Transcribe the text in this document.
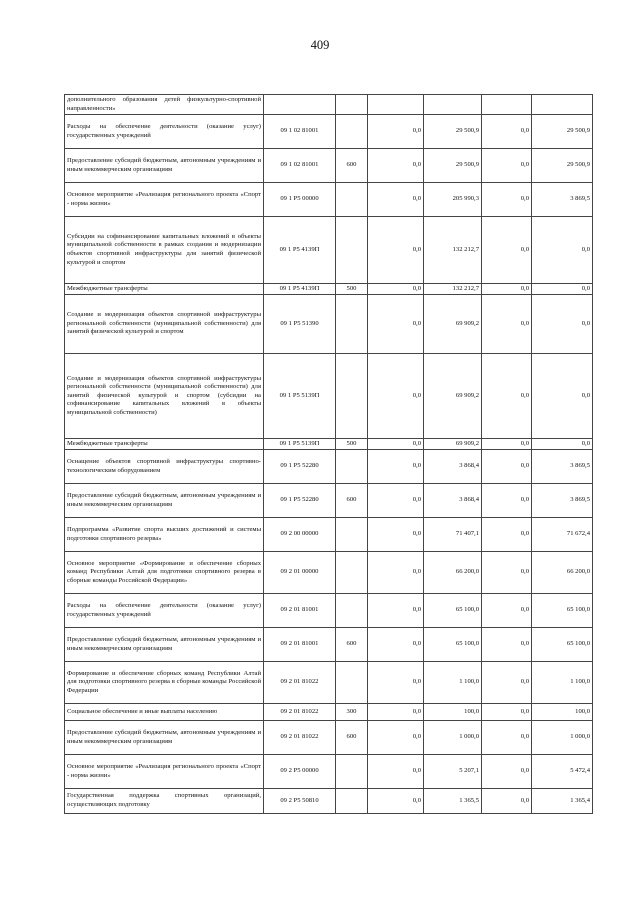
409
дополнительного образования детей физкультурно-спортивной направленности»						
Расходы на обеспечение деятельности (оказание услуг) государственных учреждений	09 1 02 81001		0,0	29 500,9	0,0	29 500,9
Предоставление субсидий бюджетным, автономным учреждениям и иным некоммерческим организациям	09 1 02 81001	600	0,0	29 500,9	0,0	29 500,9
Основное мероприятие «Реализация регионального проекта «Спорт - норма жизни»	09 1 P5 00000		0,0	205 990,3	0,0	3 869,5
Субсидии на софинансирование капитальных вложений в объекты муниципальной собственности в рамках создания и модернизации объектов спортивной инфраструктуры для занятий физической культурой и спортом	09 1 P5 4139П		0,0	132 212,7	0,0	0,0
Межбюджетные трансферты	09 1 P5 4139П	500	0,0	132 212,7	0,0	0,0
Создание и модернизация объектов спортивной инфраструктуры региональной собственности (муниципальной собственности) для занятий физической культурой и спортом	09 1 P5 51390		0,0	69 909,2	0,0	0,0
Создание и модернизация объектов спортивной инфраструктуры региональной собственности (муниципальной собственности) для занятий физической культурой и спортом (субсидии на софинансирование капитальных вложений в объекты муниципальной собственности)	09 1 P5 5139П		0,0	69 909,2	0,0	0,0
Межбюджетные трансферты	09 1 P5 5139П	500	0,0	69 909,2	0,0	0,0
Оснащение объектов спортивной инфраструктуры спортивно-технологическим оборудованием	09 1 P5 52280		0,0	3 868,4	0,0	3 869,5
Предоставление субсидий бюджетным, автономным учреждениям и иным некоммерческим организациям	09 1 P5 52280	600	0,0	3 868,4	0,0	3 869,5
Подпрограмма «Развитие спорта высших достижений и системы подготовки спортивного резерва»	09 2 00 00000		0,0	71 407,1	0,0	71 672,4
Основное мероприятие «Формирование и обеспечение сборных команд Республики Алтай для подготовки спортивного резерва в сборные команды Российской Федерации»	09 2 01 00000		0,0	66 200,0	0,0	66 200,0
Расходы на обеспечение деятельности (оказание услуг) государственных учреждений	09 2 01 81001		0,0	65 100,0	0,0	65 100,0
Предоставление субсидий бюджетным, автономным учреждениям и иным некоммерческим организациям	09 2 01 81001	600	0,0	65 100,0	0,0	65 100,0
Формирование и обеспечение сборных команд Республики Алтай для подготовки спортивного резерва в сборные команды Российской Федерации	09 2 01 81022		0,0	1 100,0	0,0	1 100,0
Социальное обеспечение и иные выплаты населению	09 2 01 81022	300	0,0	100,0	0,0	100,0
Предоставление субсидий бюджетным, автономным учреждениям и иным некоммерческим организациям	09 2 01 81022	600	0,0	1 000,0	0,0	1 000,0
Основное мероприятие «Реализация регионального проекта «Спорт - норма жизни»	09 2 P5 00000		0,0	5 207,1	0,0	5 472,4
Государственная поддержка спортивных организаций, осуществляющих подготовку	09 2 P5 50810		0,0	1 365,5	0,0	1 365,4
